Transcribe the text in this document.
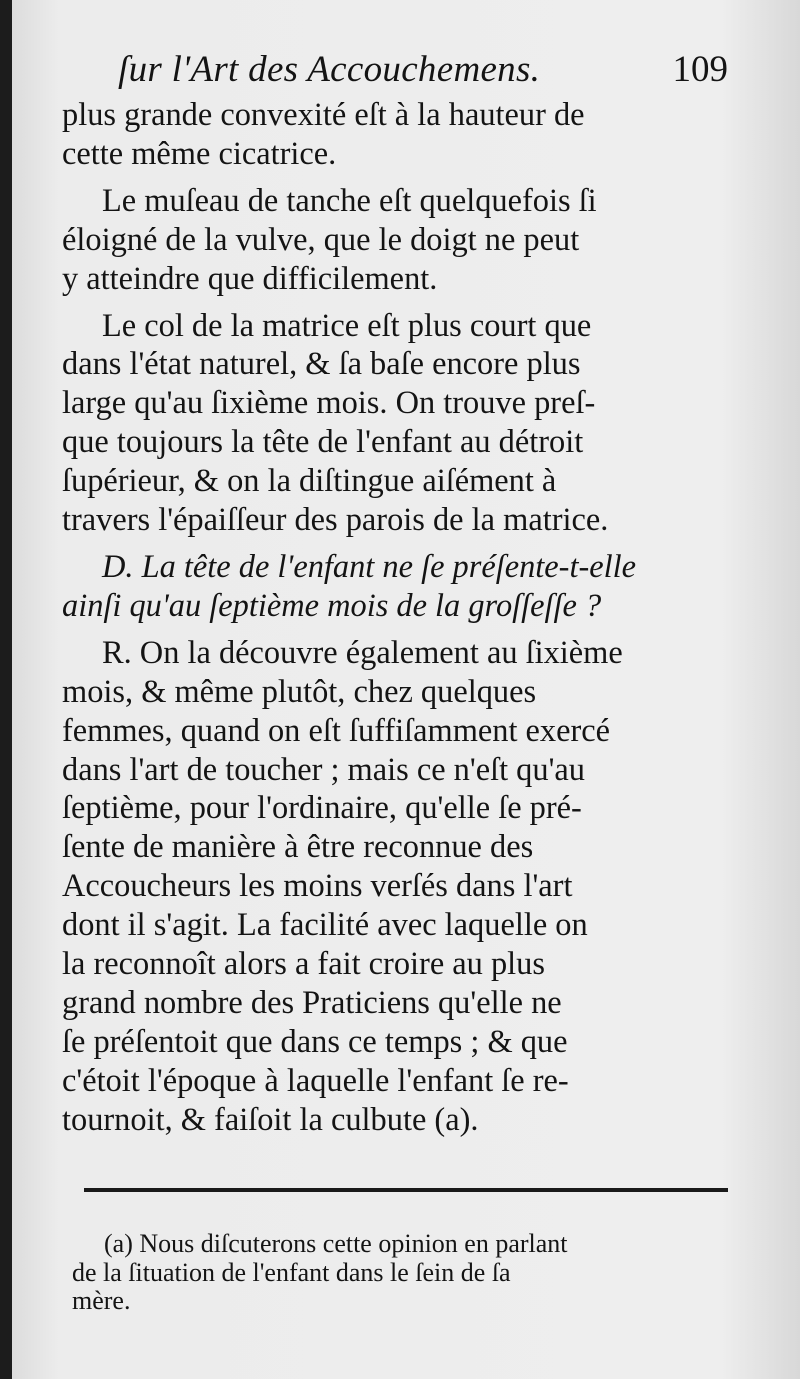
ſur l'Art des Accouchemens.	109
plus grande convexité eſt à la hauteur de
cette même cicatrice.
Le muſeau de tanche eſt quelquefois ſi
éloigné de la vulve, que le doigt ne peut
y atteindre que difficilement.
Le col de la matrice eſt plus court que
dans l'état naturel, & ſa baſe encore plus
large qu'au ſixième mois. On trouve preſ-
que toujours la tête de l'enfant au détroit
ſupérieur, & on la diſtingue aiſément à
travers l'épaiſſeur des parois de la matrice.
D. La tête de l'enfant ne ſe préſente-t-elle
ainſi qu'au ſeptième mois de la groſſeſſe ?
R. On la découvre également au ſixième
mois, & même plutôt, chez quelques
femmes, quand on eſt ſuffiſamment exercé
dans l'art de toucher ; mais ce n'eſt qu'au
ſeptième, pour l'ordinaire, qu'elle ſe pré-
ſente de manière à être reconnue des
Accoucheurs les moins verſés dans l'art
dont il s'agit. La facilité avec laquelle on
la reconnoît alors a fait croire au plus
grand nombre des Praticiens qu'elle ne
ſe préſentoit que dans ce temps ; & que
c'étoit l'époque à laquelle l'enfant ſe re-
tournoit, & faiſoit la culbute (a).
(a) Nous diſcuterons cette opinion en parlant
de la ſituation de l'enfant dans le ſein de ſa
mère.
